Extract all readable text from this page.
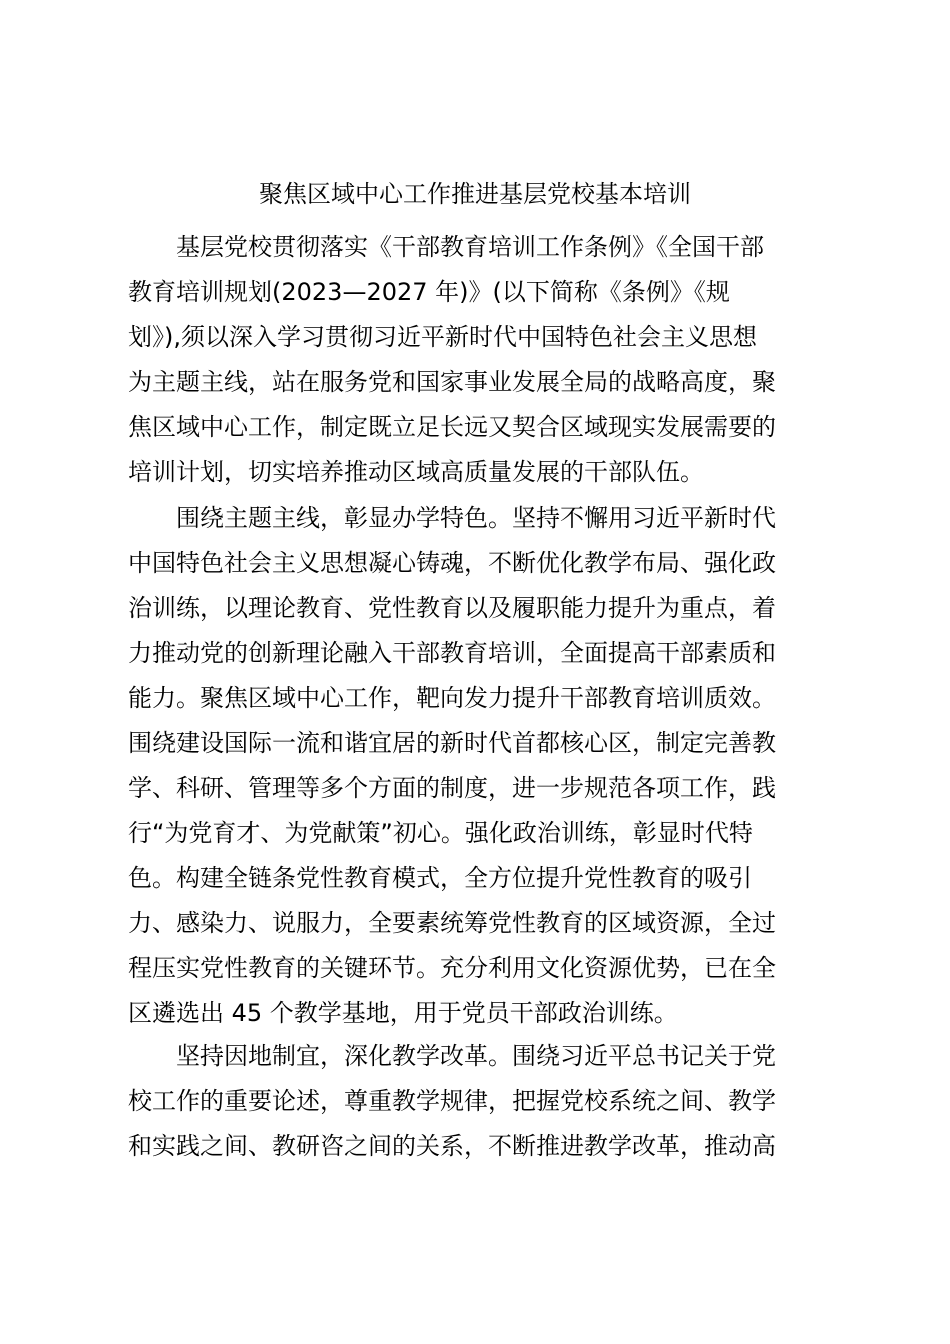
聚焦区域中心工作推进基层党校基本培训
基层党校贯彻落实《干部教育培训工作条例》《全国干部
教育培训规划(2023—2027 年)》(以下简称《条例》《规
划》),须以深入学习贯彻习近平新时代中国特色社会主义思想
为主题主线，站在服务党和国家事业发展全局的战略高度，聚
焦区域中心工作，制定既立足长远又契合区域现实发展需要的
培训计划，切实培养推动区域高质量发展的干部队伍。
围绕主题主线，彰显办学特色。坚持不懈用习近平新时代
中国特色社会主义思想凝心铸魂，不断优化教学布局、强化政
治训练，以理论教育、党性教育以及履职能力提升为重点，着
力推动党的创新理论融入干部教育培训，全面提高干部素质和
能力。聚焦区域中心工作，靶向发力提升干部教育培训质效。
围绕建设国际一流和谐宜居的新时代首都核心区，制定完善教
学、科研、管理等多个方面的制度，进一步规范各项工作，践
行“为党育才、为党献策”初心。强化政治训练，彰显时代特
色。构建全链条党性教育模式，全方位提升党性教育的吸引
力、感染力、说服力，全要素统筹党性教育的区域资源，全过
程压实党性教育的关键环节。充分利用文化资源优势，已在全
区遴选出 45 个教学基地，用于党员干部政治训练。
坚持因地制宜，深化教学改革。围绕习近平总书记关于党
校工作的重要论述，尊重教学规律，把握党校系统之间、教学
和实践之间、教研咨之间的关系，不断推进教学改革，推动高
